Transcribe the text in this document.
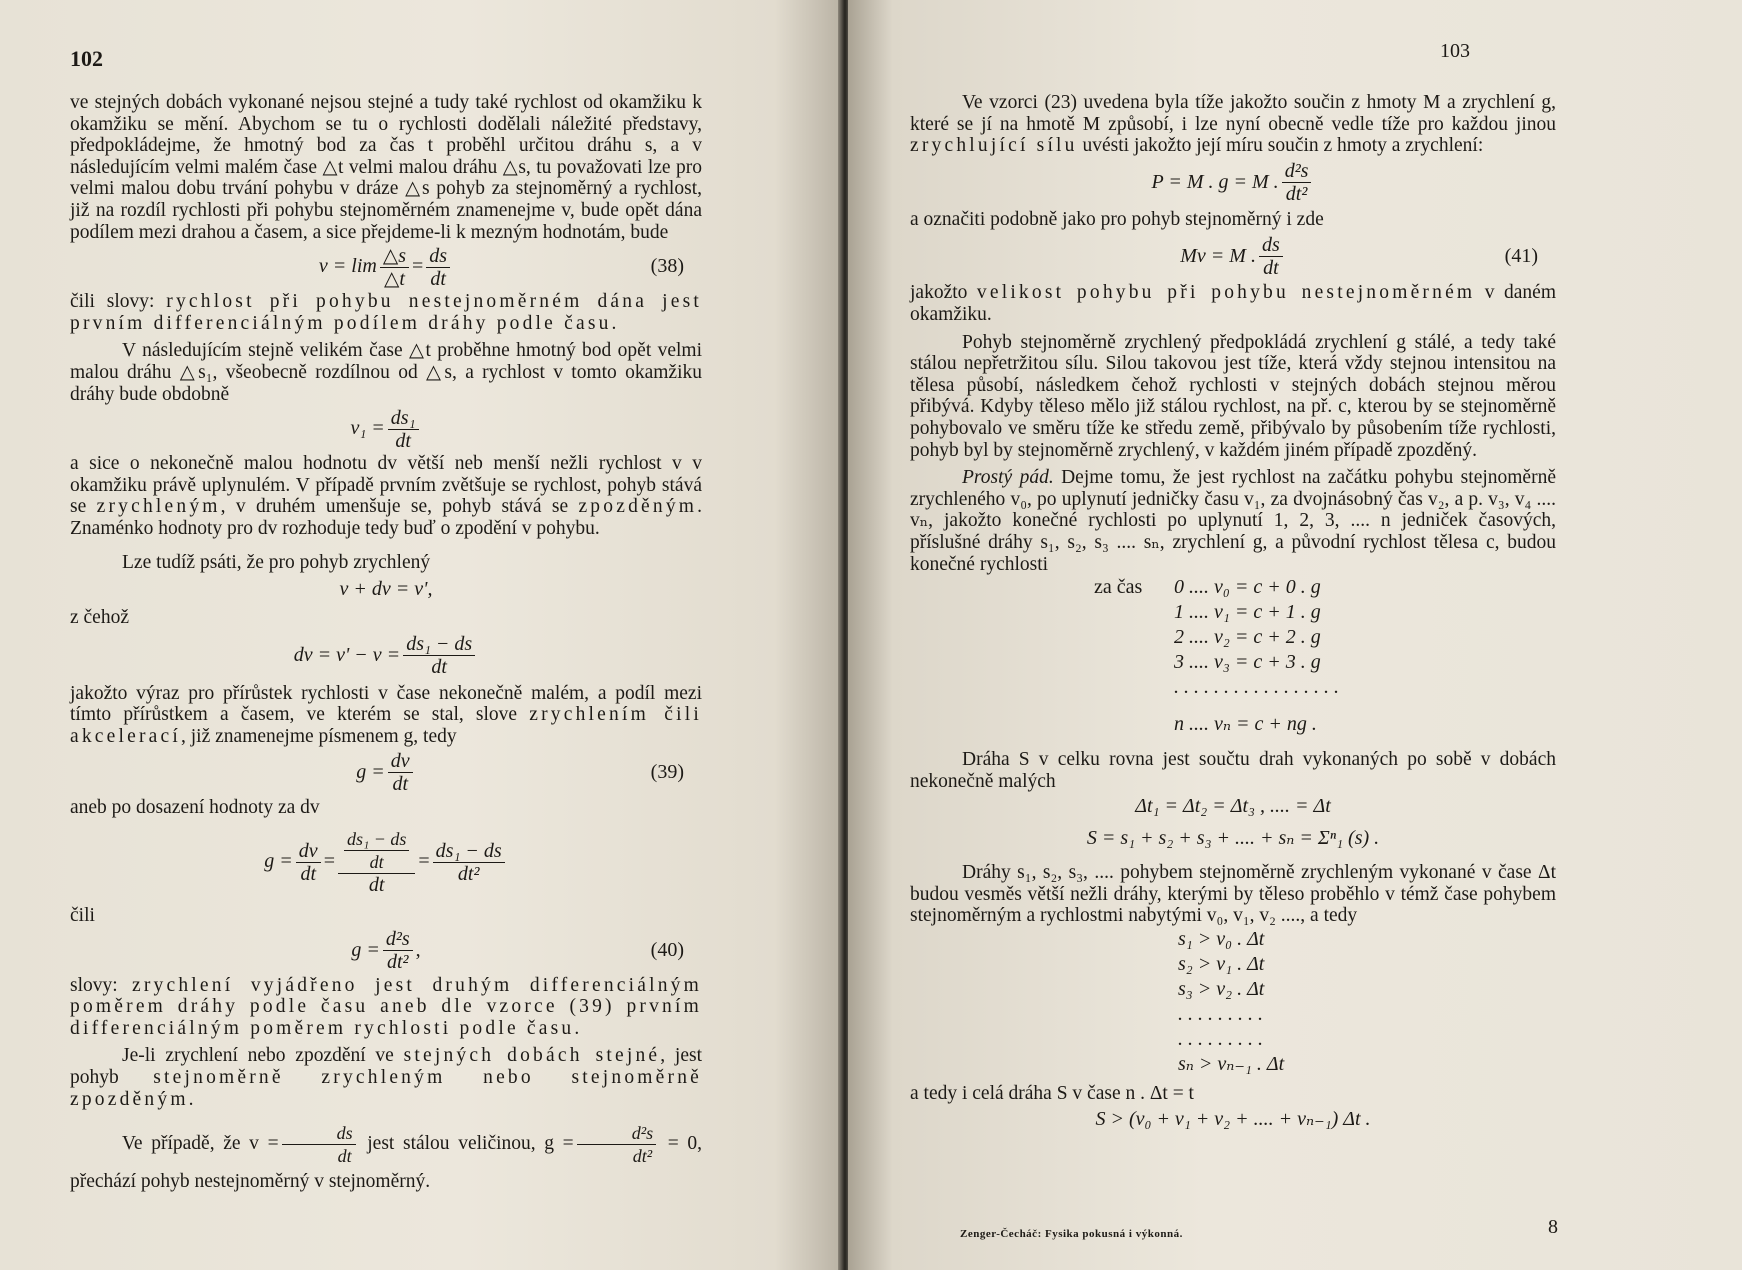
102

ve stejných dobách vykonané nejsou stejné a tudy také rychlost od okamžiku k okamžiku se mění. Abychom se tu o rychlosti dodělali náležité představy, předpokládejme, že hmotný bod za čas t proběhl určitou dráhu s, a v následujícím velmi malém čase △t velmi malou dráhu △s, tu považovati lze pro velmi malou dobu trvání pohybu v dráze △s pohyb za stejnoměrný a rychlost, již na rozdíl rychlosti při pohybu stejnoměrném znamenejme v, bude opět dána podílem mezi drahou a časem, a sice přejdeme-li k mezným hodnotám, bude

$v = \lim \frac{\triangle s}{\triangle t} = \frac{ds}{dt}$	(38)

čili slovy: rychlost při pohybu nestejnoměrném dána jest prvním differenciálným podílem dráhy podle času.

V následujícím stejně velikém čase △t proběhne hmotný bod opět velmi malou dráhu △s₁, všeobecně rozdílnou od △s, a rychlost v tomto okamžiku dráhy bude obdobně

$v_1 = \frac{\text{ds₁}}{dt}$

a sice o nekonečně malou hodnotu dv větší neb menší nežli rychlost v v okamžiku právě uplynulém. V případě prvním zvětšuje se rychlost, pohyb stává se zrychleným, v druhém umenšuje se, pohyb stává se zpozděným. Znaménko hodnoty pro dv rozhoduje tedy buď o zpodění v pohybu.

Lze tudíž psáti, že pro pohyb zrychlený

v + dv = v',

z čehož

dv = $v' - v = \frac{\text{ds₁ − ds}}{dt}$

jakožto výraz pro přírůstek rychlosti v čase nekonečně malém, a podíl mezi tímto přírůstkem a časem, ve kterém se stal, slove zrychlením čili akcelerací, již znamenejme písmenem g, tedy

$g = \frac{dv}{dt}$	(39)

aneb po dosazení hodnoty za dv

$g = \frac{dv}{dt} = \frac{\frac{\text{ds₁ − ds}}{dt}}{dt} = \frac{\text{ds₁ − ds}}{\text{dt²}}$

čili

$g = \frac{\text{d²s}}{\text{dt²}}$ ,	(40)

slovy: zrychlení vyjádřeno jest druhým differenciálným poměrem dráhy podle času aneb dle vzorce (39) prvním differenciálným poměrem rychlosti podle času.

Je-li zrychlení nebo zpozdění ve stejných dobách stejné, jest pohyb stejnoměrně zrychleným nebo stejnoměrně zpozděným.

Ve případě, že $v = \frac{ds}{dt}$ jest stálou veličinou, $g = \frac{\text{d²s}}{\text{dt²}} = 0$, přechází pohyb nestejnoměrný v stejnoměrný.

103

Ve vzorci (23) uvedena byla tíže jakožto součin z hmoty M a zrychlení g, které se jí na hmotě M způsobí, i lze nyní obecně vedle tíže pro každou jinou zrychlující sílu uvésti jakožto její míru součin z hmoty a zrychlení:

P = M . g = M . $\frac{\text{d²s}}{\text{dt²}}$

a označiti podobně jako pro pohyb stejnoměrný i zde

Mv = M . $\frac{ds}{dt}$	(41)

jakožto velikost pohybu při pohybu nestejnoměrném v daném okamžiku.

Pohyb stejnoměrně zrychlený předpokládá zrychlení g stálé, a tedy také stálou nepřetržitou sílu. Silou takovou jest tíže, která vždy stejnou intensitou na tělesa působí, následkem čehož rychlosti v stejných dobách stejnou měrou přibývá. Kdyby těleso mělo již stálou rychlost, na př. c, kterou by se stejnoměrně pohybovalo ve směru tíže ke středu země, přibývalo by působením tíže rychlosti, pohyb byl by stejnoměrně zrychlený, v každém jiném případě zpozděný.

Prostý pád. Dejme tomu, že jest rychlost na začátku pohybu stejnoměrně zrychleného v₀, po uplynutí jedničky času v₁, za dvojnásobný čas v₂, a p. v₃, v₄ .... vₙ, jakožto konečné rychlosti po uplynutí 1, 2, 3, .... n jedniček časových, příslušné dráhy s₁, s₂, s₃ .... sₙ, zrychlení g, a původní rychlost tělesa c, budou konečné rychlosti

za čas	0 .... v₀ = c + 0 . g
1 .... v₁ = c + 1 . g
2 .... v₂ = c + 2 . g
3 .... v₃ = c + 3 . g
. . . . . . . . . . . . . . . . .
n .... vₙ = c + ng .

Dráha S v celku rovna jest součtu drah vykonaných po sobě v dobách nekonečně malých

Δt₁ = Δt₂ = Δt₃ , .... = Δt
S = s₁ + s₂ + s₃ + .... + sₙ = Σⁿ₁ (s) .

Dráhy s₁, s₂, s₃, .... pohybem stejnoměrně zrychleným vykonané v čase Δt budou vesměs větší nežli dráhy, kterými by těleso proběhlo v témž čase pohybem stejnoměrným a rychlostmi nabytými v₀, v₁, v₂ ...., a tedy

s₁ > v₀ . Δt
s₂ > v₁ . Δt
s₃ > v₂ . Δt
. . . . . . . . .
. . . . . . . . .
sₙ > vₙ₋₁ . Δt

a tedy i celá dráha S v čase n . Δt = t

S > (v₀ + v₁ + v₂ + .... + vₙ₋₁) Δt .
Zenger-Čecháč: Fysika pokusná i výkonná.	8
